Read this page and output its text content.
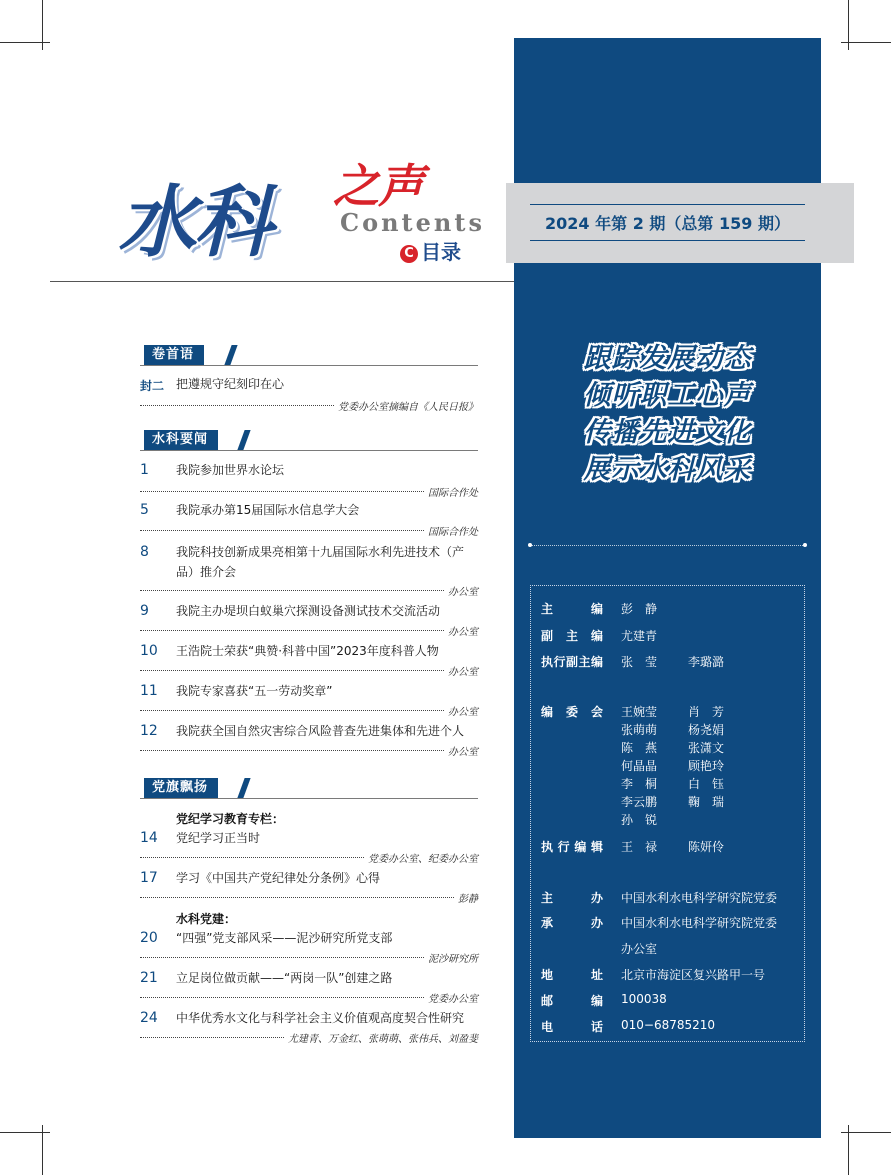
2024 年第 2 期（总第 159 期）
水科 之声
Contents
C 目录
跟踪发展动态
倾听职工心声
传播先进文化
展示水科风采
主　编 彭　静
副主编 尤建青
执行副主编 张　莹	李璐潞
编委会 王婉莹	肖　芳
张萌萌	杨尧娟
陈　燕	张潇文
何晶晶	顾艳玲
李　桐	白　钰
李云鹏	鞠　瑞
孙　锐
执行编辑 王　禄	陈妍伶
主　办 中国水利水电科学研究院党委
承　办 中国水利水电科学研究院党委
办公室
地　址 北京市海淀区复兴路甲一号
邮　编 100038
电　话 010−68785210
卷首语
封二 把遵规守纪刻印在心
党委办公室摘编自《人民日报》
水科要闻
1	我院参加世界水论坛
国际合作处
5	我院承办第15届国际水信息学大会
国际合作处
8	我院科技创新成果亮相第十九届国际水利先进技术（产品）推介会
办公室
9	我院主办堤坝白蚁巢穴探测设备测试技术交流活动
办公室
10	王浩院士荣获“典赞·科普中国”2023年度科普人物
办公室
11	我院专家喜获“五一劳动奖章”
办公室
12	我院获全国自然灾害综合风险普查先进集体和先进个人
办公室
党旗飘扬
党纪学习教育专栏：
14	党纪学习正当时
党委办公室、纪委办公室
17	学习《中国共产党纪律处分条例》心得
彭静
水科党建：
20	“四强”党支部风采——泥沙研究所党支部
泥沙研究所
21	立足岗位做贡献——“两岗一队”创建之路
党委办公室
24	中华优秀水文化与科学社会主义价值观高度契合性研究
尤建青、万金红、张萌萌、张伟兵、刘盈斐
